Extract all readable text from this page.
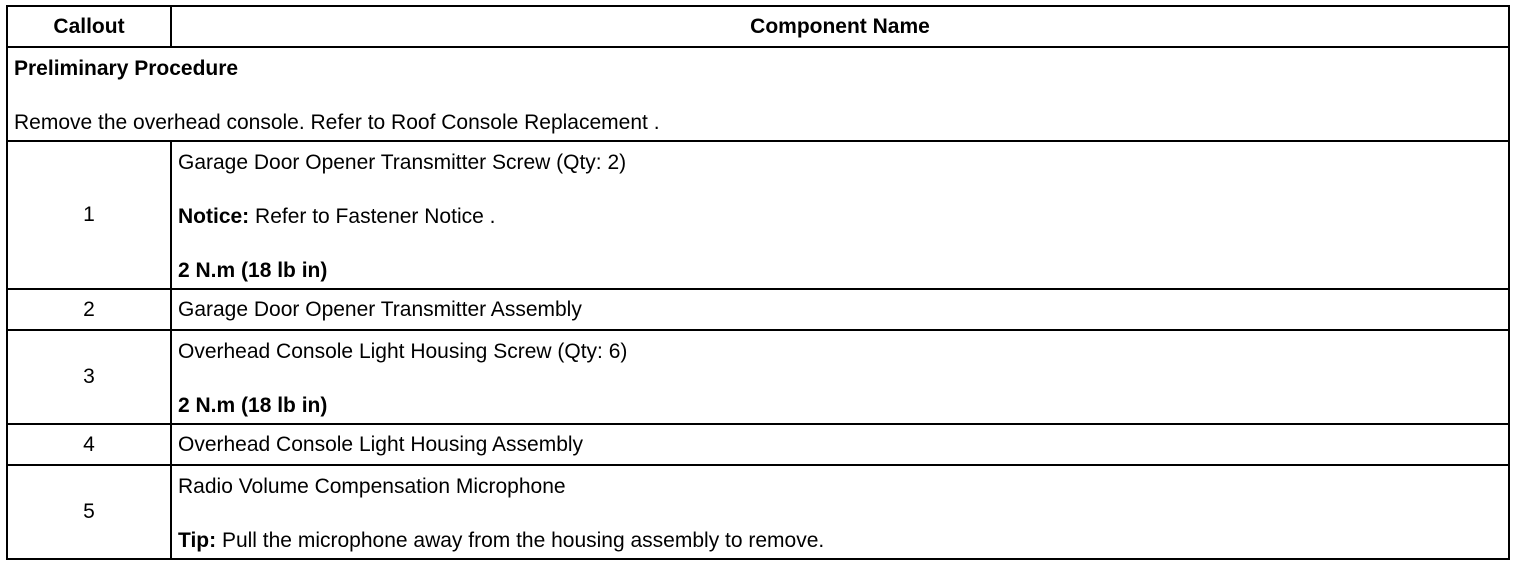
Callout	Component Name

Preliminary Procedure
Remove the overhead console. Refer to Roof Console Replacement .	

1	Garage Door Opener Transmitter Screw (Qty: 2)
Notice: Refer to Fastener Notice .
2 N.m (18 lb in)

2	Garage Door Opener Transmitter Assembly
3	Overhead Console Light Housing Screw (Qty: 6)
2 N.m (18 lb in)

4	Overhead Console Light Housing Assembly
5	Radio Volume Compensation Microphone
Tip: Pull the microphone away from the housing assembly to remove.
